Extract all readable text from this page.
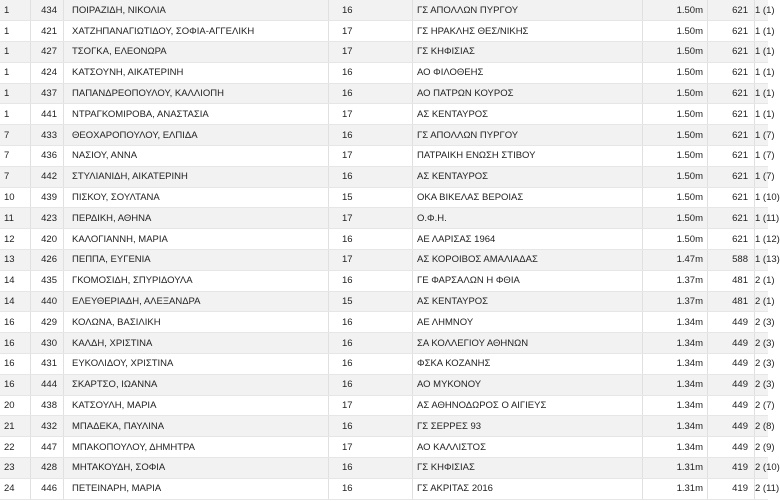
1	434	ΠΟΙΡΑΖΙΔΗ, ΝΙΚΟΛΙΑ	16	ΓΣ ΑΠΟΛΛΩΝ ΠΥΡΓΟΥ	1.50m	621	1 (1)
1	421	ΧΑΤΖΗΠΑΝΑΓΙΩΤΙΔΟΥ, ΣΟΦΙΑ-ΑΓΓΕΛΙΚΗ	17	ΓΣ ΗΡΑΚΛΗΣ ΘΕΣ/ΝΙΚΗΣ	1.50m	621	1 (1)
1	427	ΤΣΟΓΚΑ, ΕΛΕΟΝΩΡΑ	17	ΓΣ ΚΗΦΙΣΙΑΣ	1.50m	621	1 (1)
1	424	ΚΑΤΣΟΥΝΗ, ΑΙΚΑΤΕΡΙΝΗ	16	ΑΟ ΦΙΛΟΘΕΗΣ	1.50m	621	1 (1)
1	437	ΠΑΠΑΝΔΡΕΟΠΟΥΛΟΥ, ΚΑΛΛΙΟΠΗ	16	ΑΟ ΠΑΤΡΩΝ ΚΟΥΡΟΣ	1.50m	621	1 (1)
1	441	ΝΤΡΑΓΚΟΜΙΡΟΒΑ, ΑΝΑΣΤΑΣΙΑ	17	ΑΣ ΚΕΝΤΑΥΡΟΣ	1.50m	621	1 (1)
7	433	ΘΕΟΧΑΡΟΠΟΥΛΟΥ, ΕΛΠΙΔΑ	16	ΓΣ ΑΠΟΛΛΩΝ ΠΥΡΓΟΥ	1.50m	621	1 (7)
7	436	ΝΑΣΙΟΥ, ΑΝΝΑ	17	ΠΑΤΡΑΙΚΗ ΕΝΩΣΗ ΣΤΙΒΟΥ	1.50m	621	1 (7)
7	442	ΣΤΥΛΙΑΝΙΔΗ, ΑΙΚΑΤΕΡΙΝΗ	16	ΑΣ ΚΕΝΤΑΥΡΟΣ	1.50m	621	1 (7)
10	439	ΠΙΣΚΟΥ, ΣΟΥΛΤΑΝΑ	15	ΟΚΑ ΒΙΚΕΛΑΣ ΒΕΡΟΙΑΣ	1.50m	621	1 (10)
11	423	ΠΕΡΔΙΚΗ, ΑΘΗΝΑ	17	Ο.Φ.Η.	1.50m	621	1 (11)
12	420	ΚΑΛΟΓΙΑΝΝΗ, ΜΑΡΙΑ	16	ΑΕ ΛΑΡΙΣΑΣ 1964	1.50m	621	1 (12)
13	426	ΠΕΠΠΑ, ΕΥΓΕΝΙΑ	17	ΑΣ ΚΟΡΟΙΒΟΣ ΑΜΑΛΙΑΔΑΣ	1.47m	588	1 (13)
14	435	ΓΚΟΜΟΣΙΔΗ, ΣΠΥΡΙΔΟΥΛΑ	16	ΓΕ ΦΑΡΣΑΛΩΝ Η ΦΘΙΑ	1.37m	481	2 (1)
14	440	ΕΛΕΥΘΕΡΙΑΔΗ, ΑΛΕΞΑΝΔΡΑ	15	ΑΣ ΚΕΝΤΑΥΡΟΣ	1.37m	481	2 (1)
16	429	ΚΟΛΩΝΑ, ΒΑΣΙΛΙΚΗ	16	ΑΕ ΛΗΜΝΟΥ	1.34m	449	2 (3)
16	430	ΚΑΛΔΗ, ΧΡΙΣΤΙΝΑ	16	ΣΑ ΚΟΛΛΕΓΙΟΥ ΑΘΗΝΩΝ	1.34m	449	2 (3)
16	431	ΕΥΚΟΛΙΔΟΥ, ΧΡΙΣΤΙΝΑ	16	ΦΣΚΑ ΚΟΖΑΝΗΣ	1.34m	449	2 (3)
16	444	ΣΚΑΡΤΣΟ, ΙΩΑΝΝΑ	16	ΑΟ ΜΥΚΟΝΟΥ	1.34m	449	2 (3)
20	438	ΚΑΤΣΟΥΛΗ, ΜΑΡΙΑ	17	ΑΣ ΑΘΗΝΟΔΩΡΟΣ Ο ΑΙΓΙΕΥΣ	1.34m	449	2 (7)
21	432	ΜΠΑΔΕΚΑ, ΠΑΥΛΙΝΑ	16	ΓΣ ΣΕΡΡΕΣ 93	1.34m	449	2 (8)
22	447	ΜΠΑΚΟΠΟΥΛΟΥ, ΔΗΜΗΤΡΑ	17	ΑΟ ΚΑΛΛΙΣΤΟΣ	1.34m	449	2 (9)
23	428	ΜΗΤΑΚΟΥΔΗ, ΣΟΦΙΑ	16	ΓΣ ΚΗΦΙΣΙΑΣ	1.31m	419	2 (10)
24	446	ΠΕΤΕΙΝΑΡΗ, ΜΑΡΙΑ	16	ΓΣ ΑΚΡΙΤΑΣ 2016	1.31m	419	2 (11)
